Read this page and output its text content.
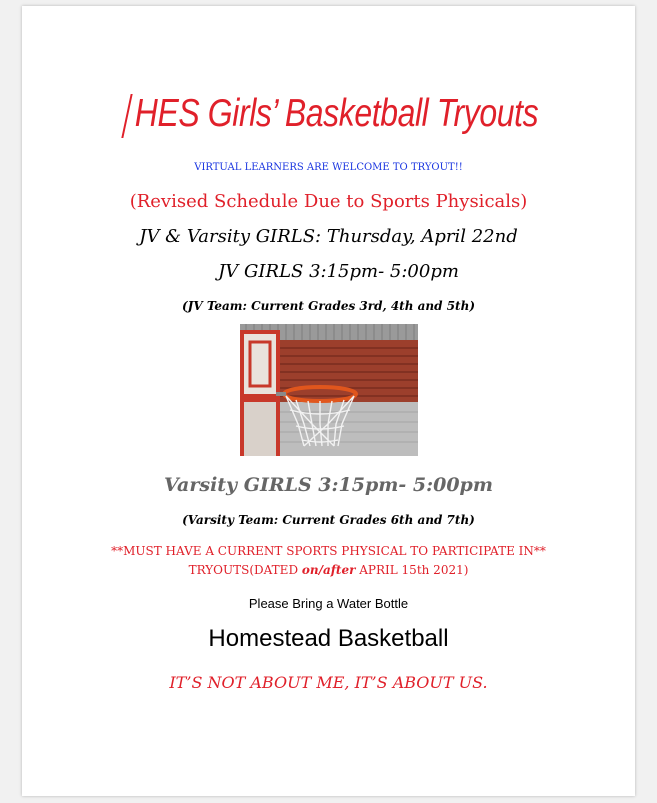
HES Girls’ Basketball Tryouts
VIRTUAL LEARNERS ARE WELCOME TO TRYOUT!!
(Revised Schedule Due to Sports Physicals)
JV & Varsity GIRLS: Thursday, April 22nd
JV GIRLS 3:15pm- 5:00pm
(JV Team: Current Grades 3rd, 4th and 5th)
Varsity GIRLS 3:15pm- 5:00pm
(Varsity Team: Current Grades 6th and 7th)
**MUST HAVE A CURRENT SPORTS PHYSICAL TO PARTICIPATE IN**
TRYOUTS(DATED on/after APRIL 15th 2021)
Please Bring a Water Bottle
Homestead Basketball
IT’S NOT ABOUT ME, IT’S ABOUT US.
